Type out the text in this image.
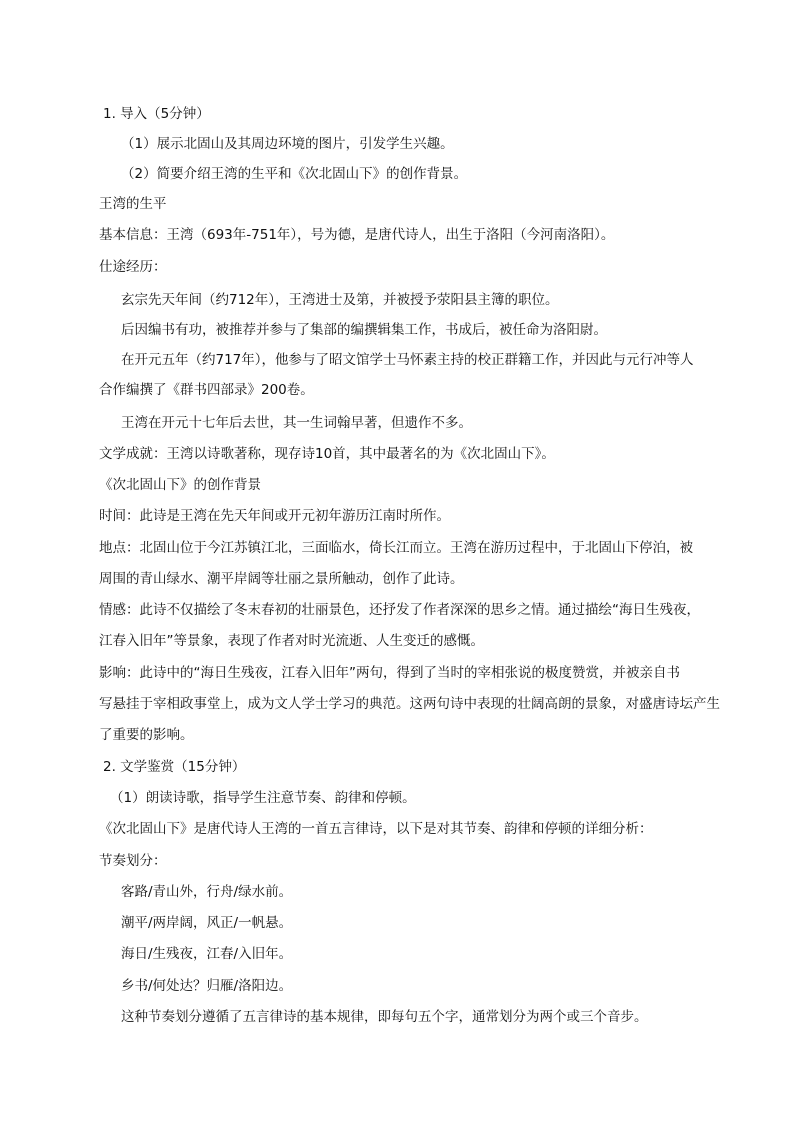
1. 导入（5分钟）
（1）展示北固山及其周边环境的图片，引发学生兴趣。
（2）简要介绍王湾的生平和《次北固山下》的创作背景。
王湾的生平
基本信息：王湾（693年-751年），号为德，是唐代诗人，出生于洛阳（今河南洛阳）。
仕途经历：
玄宗先天年间（约712年），王湾进士及第，并被授予荥阳县主簿的职位。
后因编书有功，被推荐并参与了集部的编撰辑集工作，书成后，被任命为洛阳尉。
在开元五年（约717年），他参与了昭文馆学士马怀素主持的校正群籍工作，并因此与元行冲等人
合作编撰了《群书四部录》200卷。
王湾在开元十七年后去世，其一生词翰早著，但遗作不多。
文学成就：王湾以诗歌著称，现存诗10首，其中最著名的为《次北固山下》。
《次北固山下》的创作背景
时间：此诗是王湾在先天年间或开元初年游历江南时所作。
地点：北固山位于今江苏镇江北，三面临水，倚长江而立。王湾在游历过程中，于北固山下停泊，被
周围的青山绿水、潮平岸阔等壮丽之景所触动，创作了此诗。
情感：此诗不仅描绘了冬末春初的壮丽景色，还抒发了作者深深的思乡之情。通过描绘“海日生残夜，
江春入旧年”等景象，表现了作者对时光流逝、人生变迁的感慨。
影响：此诗中的“海日生残夜，江春入旧年”两句，得到了当时的宰相张说的极度赞赏，并被亲自书
写悬挂于宰相政事堂上，成为文人学士学习的典范。这两句诗中表现的壮阔高朗的景象，对盛唐诗坛产生
了重要的影响。
2. 文学鉴赏（15分钟）
（1）朗读诗歌，指导学生注意节奏、韵律和停顿。
《次北固山下》是唐代诗人王湾的一首五言律诗，以下是对其节奏、韵律和停顿的详细分析：
节奏划分：
客路/青山外，行舟/绿水前。
潮平/两岸阔，风正/一帆悬。
海日/生残夜，江春/入旧年。
乡书/何处达？归雁/洛阳边。
这种节奏划分遵循了五言律诗的基本规律，即每句五个字，通常划分为两个或三个音步。
